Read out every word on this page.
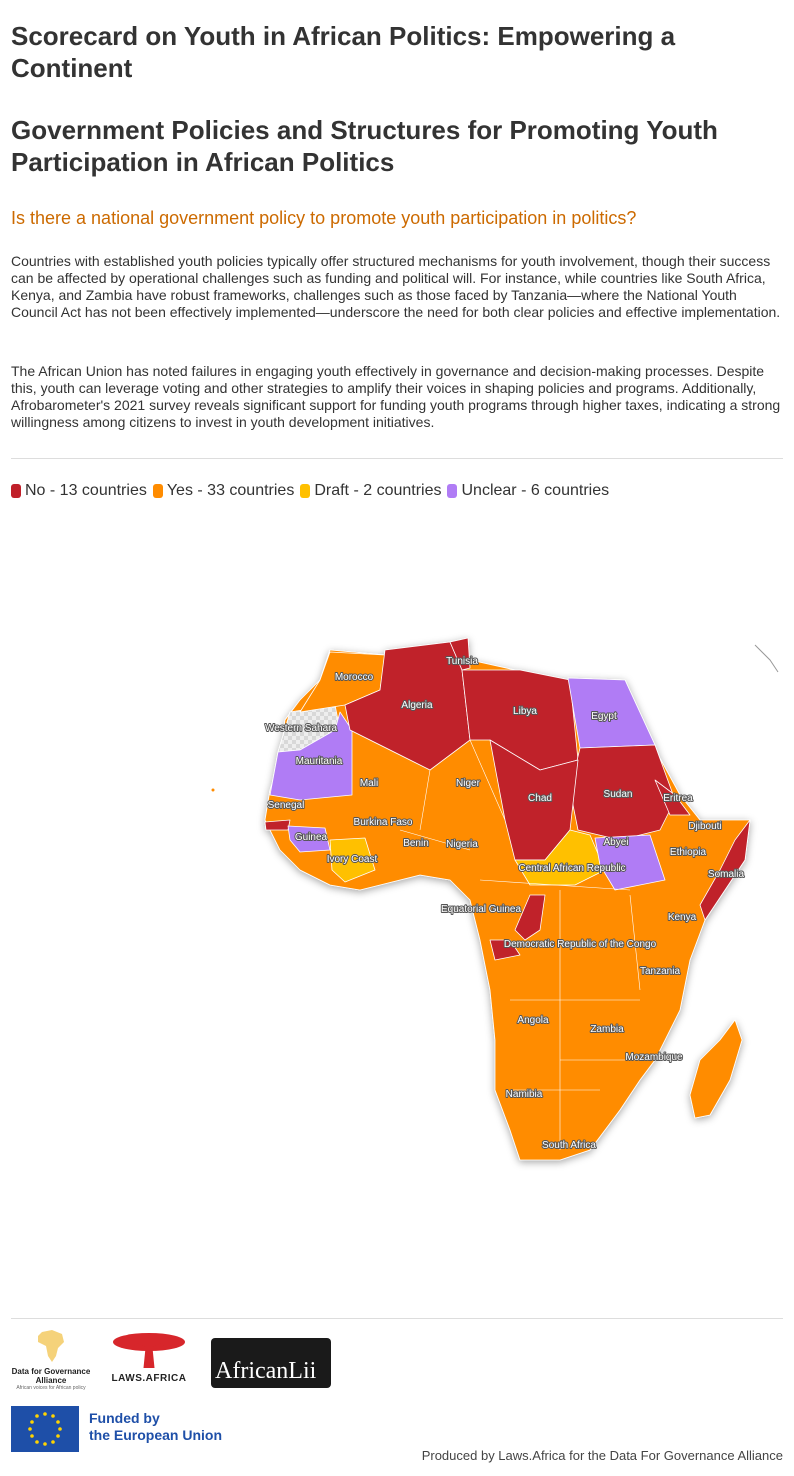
Scorecard on Youth in African Politics: Empowering a Continent
Government Policies and Structures for Promoting Youth Participation in African Politics
Is there a national government policy to promote youth participation in politics?

Countries with established youth policies typically offer structured mechanisms for youth involvement, though their success can be affected by operational challenges such as funding and political will. For instance, while countries like South Africa, Kenya, and Zambia have robust frameworks, challenges such as those faced by Tanzania—where the National Youth Council Act has not been effectively implemented—underscore the need for both clear policies and effective implementation.

The African Union has noted failures in engaging youth effectively in governance and decision-making processes. Despite this, youth can leverage voting and other strategies to amplify their voices in shaping policies and programs. Additionally, Afrobarometer's 2021 survey reveals significant support for funding youth programs through higher taxes, indicating a strong willingness among citizens to invest in youth development initiatives.

No - 13 countries Yes - 33 countries Draft - 2 countries Unclear - 6 countries
Tunisia
Morocco
Algeria
Libya	Egypt
Western Sahara
Mauritania
Mali	Niger
Chad	Sudan	Eritrea
Senegal
Burkina Faso	Djibouti
Guinea
Benin Nigeria	Abyei
Ethiopia
Ivory Coast
Central African Republic
Somalia
Equatorial Guinea
Kenya
Democratic Republic of the Congo
Tanzania
Angola
Zambia
Mozambique
Namibia
South Africa
Data for Governance Alliance
African voices for African policy
LAWS.AFRICA AfricanLii
Funded by
the European Union
Produced by Laws.Africa for the Data For Governance Alliance
